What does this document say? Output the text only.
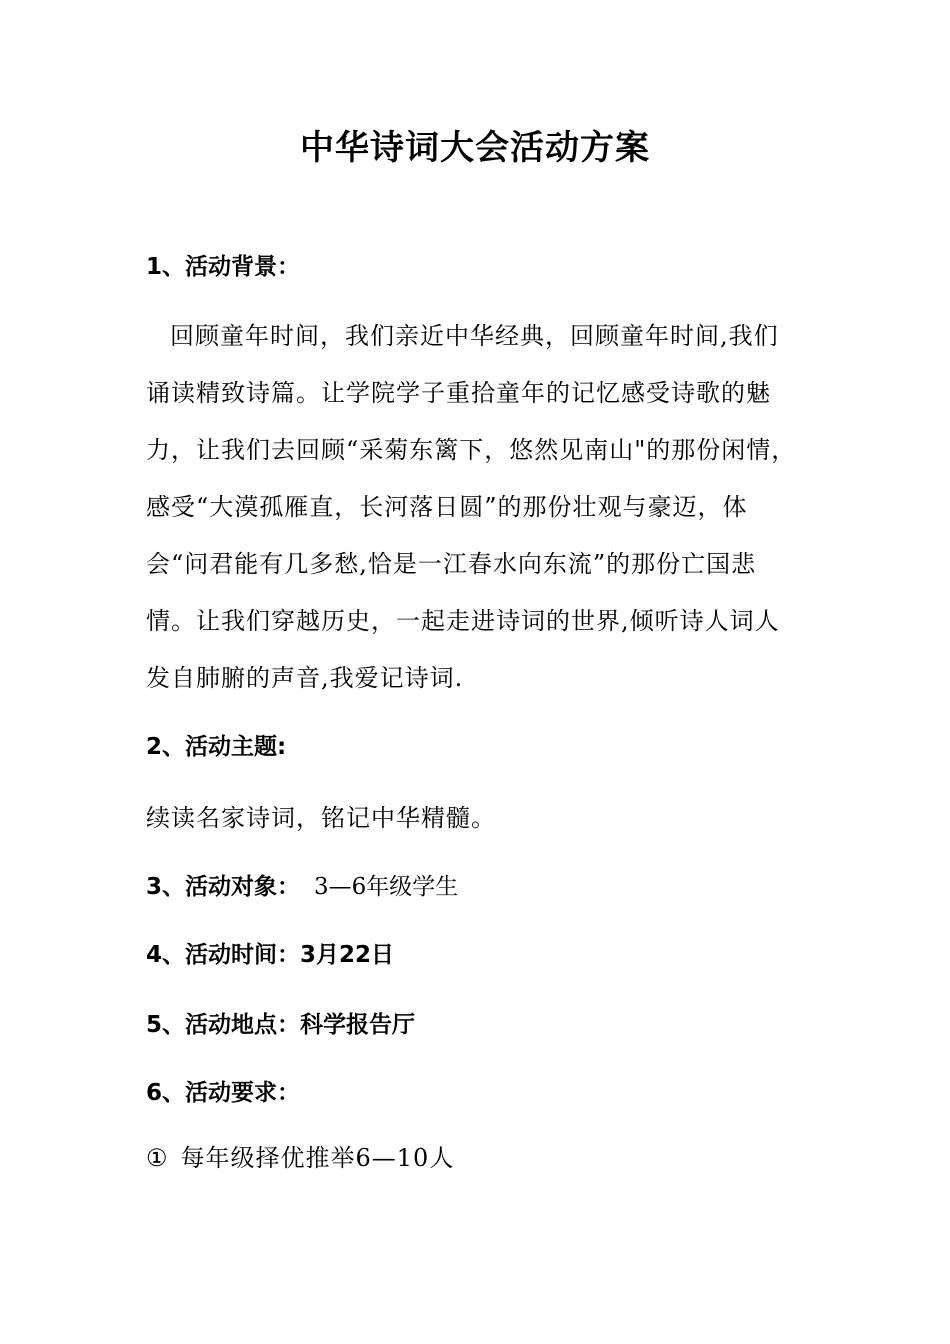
中华诗词大会活动方案
1、活动背景：
回顾童年时间，我们亲近中华经典，回顾童年时间,我们
诵读精致诗篇。让学院学子重拾童年的记忆感受诗歌的魅
力，让我们去回顾“采菊东篱下，悠然见南山"的那份闲情，
感受“大漠孤雁直，长河落日圆”的那份壮观与豪迈，体
会“问君能有几多愁,恰是一江春水向东流”的那份亡国悲
情。让我们穿越历史，一起走进诗词的世界,倾听诗人词人
发自肺腑的声音,我爱记诗词.
2、活动主题:
续读名家诗词，铭记中华精髓。
3、活动对象： 3—6年级学生
4、活动时间：3月22日
5、活动地点：科学报告厅
6、活动要求：
① 每年级择优推举6—10人
